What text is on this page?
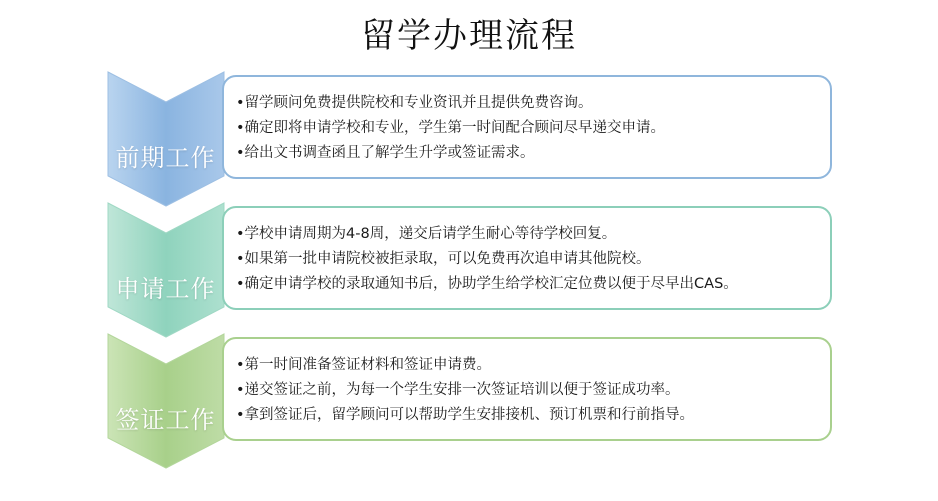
留学办理流程
前期工作
申请工作
签证工作
•留学顾问免费提供院校和专业资讯并且提供免费咨询。
•确定即将申请学校和专业，学生第一时间配合顾问尽早递交申请。
•给出文书调查函且了解学生升学或签证需求。
•学校申请周期为4-8周，递交后请学生耐心等待学校回复。
•如果第一批申请院校被拒录取，可以免费再次追申请其他院校。
•确定申请学校的录取通知书后，协助学生给学校汇定位费以便于尽早出CAS。
•第一时间准备签证材料和签证申请费。
•递交签证之前，为每一个学生安排一次签证培训以便于签证成功率。
•拿到签证后，留学顾问可以帮助学生安排接机、预订机票和行前指导。
